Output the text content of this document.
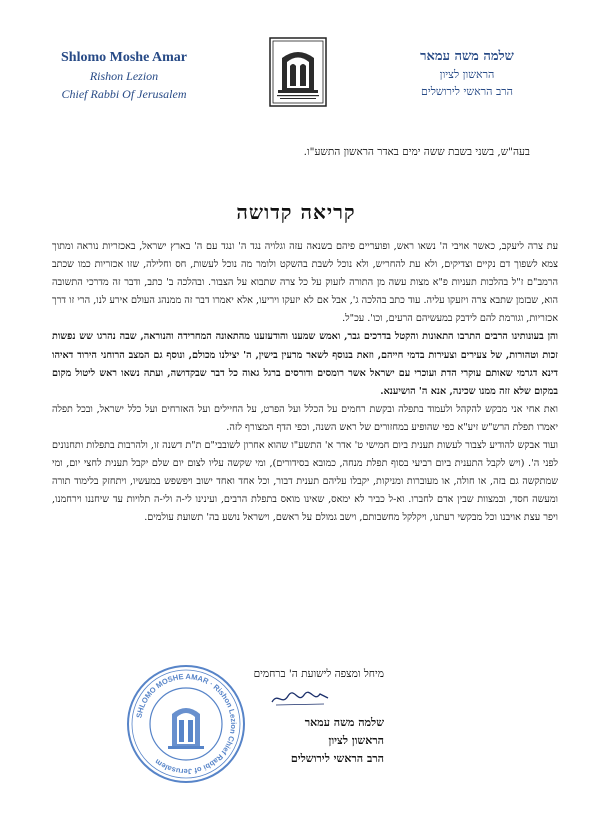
Shlomo Moshe Amar
Rishon Lezion
Chief Rabbi Of Jerusalem
שלמה משה עמאר
הראשון לציון
הרב הראשי לירושלים
בעה"ש, בשני בשבת ששה ימים באדר הראשון התשע"ו.
קריאה קדושה

עת צרה ליעקב, כאשר אויבי ה' נשאו ראש, ופועריים פיהם בשנאה עזה וגלויה נגד ה' ונגד עם ה' בארץ ישראל, באכזריות נוראה ומתוך צמא לשפוך דם נקיים וצדיקים, ולא עת להחריש, ולא נוכל לשבת בהשקט ולומר מה נוכל לעשות, חס וחלילה, שזו אכזריות כמו שכתב הרמב"ם ז"ל בהלכות תעניות פ"א מצות עשה מן התורה לזעוק על כל צרה שתבוא על הצבור. ובהלכה ב' כתב, ודבר זה מדרכי התשובה הוא, שבזמן שתבא צרה ויזעקו עליה. עוד כתב בהלכה ג', אבל אם לא יזעקו ויריעו, אלא יאמרו דבר זה ממנהג העולם אירע לנו, הרי זו דרך אכזריות, וגורמת להם לידבק במעשיהם הרעים, וכו'. עכ"ל.

והן בעונותינו הרבים התרבו התאונות והקטל בדרכים גבר, ואמש שמענו והודעזענו מהתאונה המחרידה והנוראה, שבה נהרגו שש נפשות זכות וטהורות, של צעירים וצעירות בדמי חייהם, וזאת בנוסף לשאר מרעין בישין, ה' יצילנו מכולם, ונוסף גם המצב הרוחני הירוד דאיהו דינא דגרמי שאותם עוקרי הדת ועוכרי עם ישראל אשר רומסים ודורסים ברגל גאוה כל דבר שבקדושה, ועתה נשאו ראש ליטול מקום במקום שלא זזה ממנו שכינה, אנא ה' הושיענא.

ואת אחי אני מבקש להקהל ולעמוד בתפלה ובקשת רחמים על הכלל ועל הפרט, על החיילים ועל האזרחים ועל כלל ישראל, ובכל תפלה יאמרו תפלת הרש"ש זיע"א כפי שהופיע במחזורים של ראש השנה, וכפי הדף המצורף לזה.

ועוד אבקש להודיע לצבור לעשות תענית ביום חמישי ט' אדר א' התשע"ו שהוא אחרון לשובבי"ם ת"ת דשנה זו, ולהרבות בתפלות ותחנונים לפני ה'. (ויש לקבל התענית ביום רביעי בסוף תפלת מנחה, כמובא בסידורים), ומי שקשה עליו לצום יום שלם יקבל תענית לחצי יום, ומי שמתקשה גם בזה, או חולה, או מעוברות ומניקות, יקבלו עליהם תענית דבור, וכל אחד ואחד ישוב ויפשפש במעשיו, ויתחזק בלימוד תורה ומעשה חסד, ובמצוות שבין אדם לחברו. וא-ל כביר לא ימאס, שאינו מואס בתפלת הרבים, ועינינו לי-ה ולי-ה תלויות עד שיחננו וירחמנו, ויפר עצת אויבנו וכל מבקשי רעתנו, ויקלקל מחשבותם, וישב גמולם על ראשם, וישראל נושע בה' תשועת עולמים.

מיחל ומצפה לישועת ה' ברחמים
שלמה משה עמאר
הראשון לציון
הרב הראשי לירושלים
SHLOMO MOSHE AMAR · Rishon Lezion Chief Rabbi of Jerusalem
